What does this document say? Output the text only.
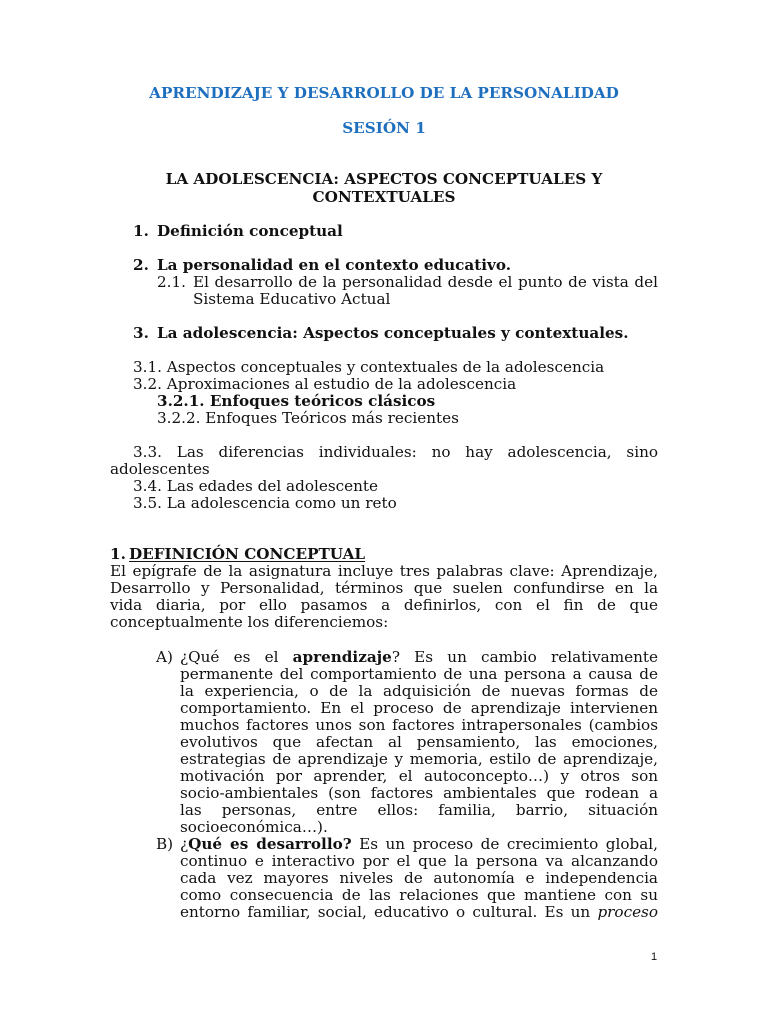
APRENDIZAJE Y DESARROLLO DE LA PERSONALIDAD
SESIÓN 1
LA ADOLESCENCIA: ASPECTOS CONCEPTUALES Y
CONTEXTUALES
1. Definición conceptual
2. La personalidad en el contexto educativo.
2.1. El desarrollo de la personalidad desde el punto de vista del
Sistema Educativo Actual
3. La adolescencia: Aspectos conceptuales y contextuales.
3.1. Aspectos conceptuales y contextuales de la adolescencia
3.2. Aproximaciones al estudio de la adolescencia
3.2.1. Enfoques teóricos clásicos
3.2.2. Enfoques Teóricos más recientes
3.3. Las diferencias individuales: no hay adolescencia, sino
adolescentes
3.4. Las edades del adolescente
3.5. La adolescencia como un reto
1. DEFINICIÓN CONCEPTUAL
El epígrafe de la asignatura incluye tres palabras clave: Aprendizaje,
Desarrollo y Personalidad, términos que suelen confundirse en la
vida diaria, por ello pasamos a definirlos, con el fin de que
conceptualmente los diferenciemos:
A) ¿Qué es el aprendizaje? Es un cambio relativamente
permanente del comportamiento de una persona a causa de
la experiencia, o de la adquisición de nuevas formas de
comportamiento. En el proceso de aprendizaje intervienen
muchos factores unos son factores intrapersonales (cambios
evolutivos que afectan al pensamiento, las emociones,
estrategias de aprendizaje y memoria, estilo de aprendizaje,
motivación por aprender, el autoconcepto…) y otros son
socio-ambientales (son factores ambientales que rodean a
las personas, entre ellos: familia, barrio, situación
socioeconómica…).
B) ¿Qué es desarrollo? Es un proceso de crecimiento global,
continuo e interactivo por el que la persona va alcanzando
cada vez mayores niveles de autonomía e independencia
como consecuencia de las relaciones que mantiene con su
entorno familiar, social, educativo o cultural. Es un proceso
1
